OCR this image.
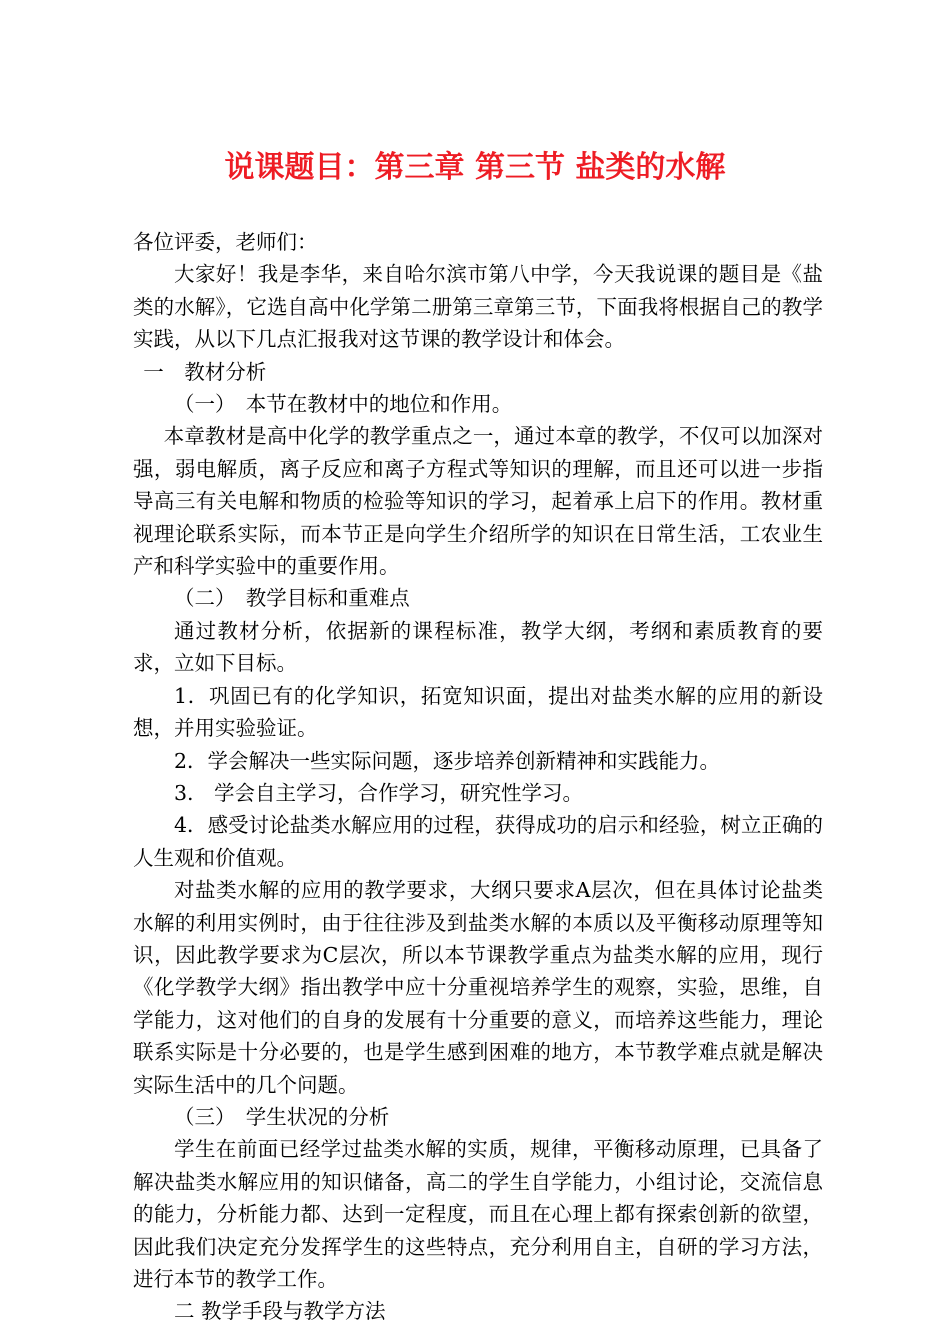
说课题目：第三章 第三节 盐类的水解

各位评委，老师们：

大家好！我是李华，来自哈尔滨市第八中学，今天我说课的题目是《盐类的水解》，它选自高中化学第二册第三章第三节，下面我将根据自己的教学实践，从以下几点汇报我对这节课的教学设计和体会。

一　教材分析

（一）　本节在教材中的地位和作用。

本章教材是高中化学的教学重点之一，通过本章的教学，不仅可以加深对强，弱电解质，离子反应和离子方程式等知识的理解，而且还可以进一步指导高三有关电解和物质的检验等知识的学习，起着承上启下的作用。教材重视理论联系实际，而本节正是向学生介绍所学的知识在日常生活，工农业生产和科学实验中的重要作用。

（二）　教学目标和重难点

通过教材分析，依据新的课程标准，教学大纲，考纲和素质教育的要求，立如下目标。

1．巩固已有的化学知识，拓宽知识面，提出对盐类水解的应用的新设想，并用实验验证。

2．学会解决一些实际问题，逐步培养创新精神和实践能力。

3.　学会自主学习，合作学习，研究性学习。

4．感受讨论盐类水解应用的过程，获得成功的启示和经验，树立正确的人生观和价值观。

对盐类水解的应用的教学要求，大纲只要求A层次，但在具体讨论盐类水解的利用实例时，由于往往涉及到盐类水解的本质以及平衡移动原理等知识，因此教学要求为C层次，所以本节课教学重点为盐类水解的应用，现行《化学教学大纲》指出教学中应十分重视培养学生的观察，实验，思维，自学能力，这对他们的自身的发展有十分重要的意义，而培养这些能力，理论联系实际是十分必要的，也是学生感到困难的地方，本节教学难点就是解决实际生活中的几个问题。

（三）　学生状况的分析

学生在前面已经学过盐类水解的实质，规律，平衡移动原理，已具备了解决盐类水解应用的知识储备，高二的学生自学能力，小组讨论，交流信息的能力，分析能力都、达到一定程度，而且在心理上都有探索创新的欲望，因此我们决定充分发挥学生的这些特点，充分利用自主，自研的学习方法，进行本节的教学工作。

二 教学手段与教学方法
